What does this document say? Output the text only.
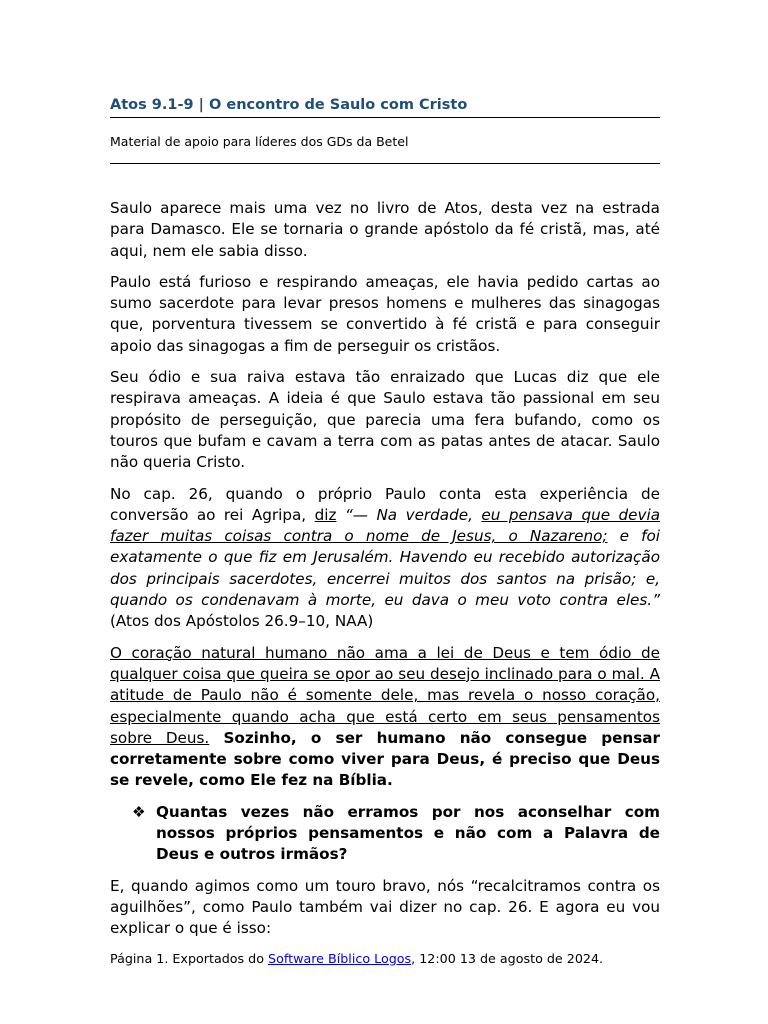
Atos 9.1-9 | O encontro de Saulo com Cristo
Material de apoio para líderes dos GDs da Betel

Saulo aparece mais uma vez no livro de Atos, desta vez na estrada para Damasco. Ele se tornaria o grande apóstolo da fé cristã, mas, até aqui, nem ele sabia disso.

Paulo está furioso e respirando ameaças, ele havia pedido cartas ao sumo sacerdote para levar presos homens e mulheres das sinagogas que, porventura tivessem se convertido à fé cristã e para conseguir apoio das sinagogas a fim de perseguir os cristãos.

Seu ódio e sua raiva estava tão enraizado que Lucas diz que ele respirava ameaças. A ideia é que Saulo estava tão passional em seu propósito de perseguição, que parecia uma fera bufando, como os touros que bufam e cavam a terra com as patas antes de atacar. Saulo não queria Cristo.

No cap. 26, quando o próprio Paulo conta esta experiência de conversão ao rei Agripa, diz “— Na verdade, eu pensava que devia fazer muitas coisas contra o nome de Jesus, o Nazareno; e foi exatamente o que fiz em Jerusalém. Havendo eu recebido autorização dos principais sacerdotes, encerrei muitos dos santos na prisão; e, quando os condenavam à morte, eu dava o meu voto contra eles.” (Atos dos Apóstolos 26.9–10, NAA)

O coração natural humano não ama a lei de Deus e tem ódio de qualquer coisa que queira se opor ao seu desejo inclinado para o mal. A atitude de Paulo não é somente dele, mas revela o nosso coração, especialmente quando acha que está certo em seus pensamentos sobre Deus. Sozinho, o ser humano não consegue pensar corretamente sobre como viver para Deus, é preciso que Deus se revele, como Ele fez na Bíblia.

❖ Quantas vezes não erramos por nos aconselhar com nossos próprios pensamentos e não com a Palavra de Deus e outros irmãos?

E, quando agimos como um touro bravo, nós “recalcitramos contra os aguilhões”, como Paulo também vai dizer no cap. 26. E agora eu vou explicar o que é isso:

Página 1. Exportados do Software Bíblico Logos, 12:00 13 de agosto de 2024.
